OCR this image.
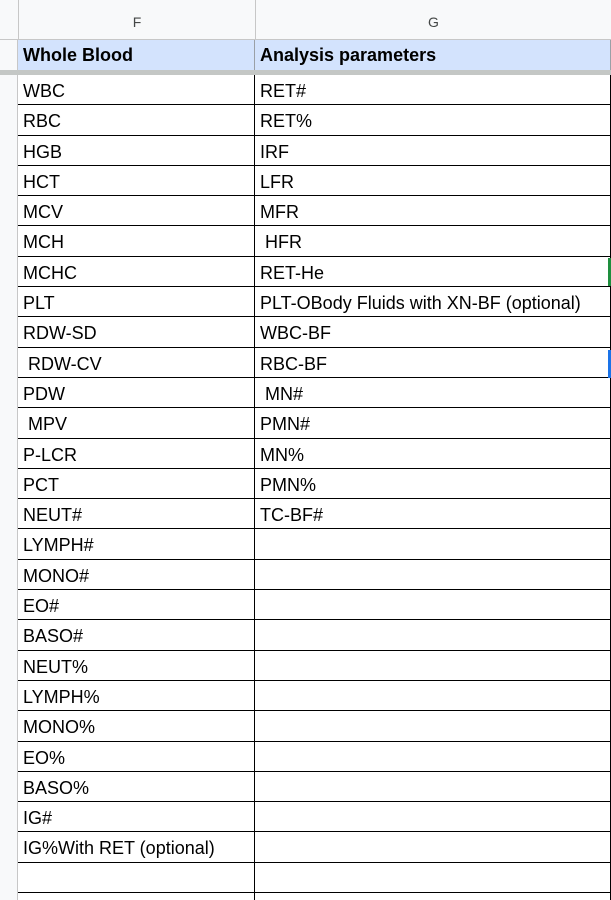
F	G
Whole Blood	Analysis parameters
WBC	RET#
RBC	RET%
HGB	IRF
HCT	LFR
MCV	MFR
MCH	HFR
MCHC	RET-He
PLT	PLT-OBody Fluids with XN-BF (optional)
RDW-SD	WBC-BF
RDW-CV	RBC-BF
PDW	MN#
MPV	PMN#
P-LCR	MN%
PCT	PMN%
NEUT#	TC-BF#
LYMPH#
MONO#
EO#
BASO#
NEUT%
LYMPH%
MONO%
EO%
BASO%
IG#
IG%With RET (optional)
